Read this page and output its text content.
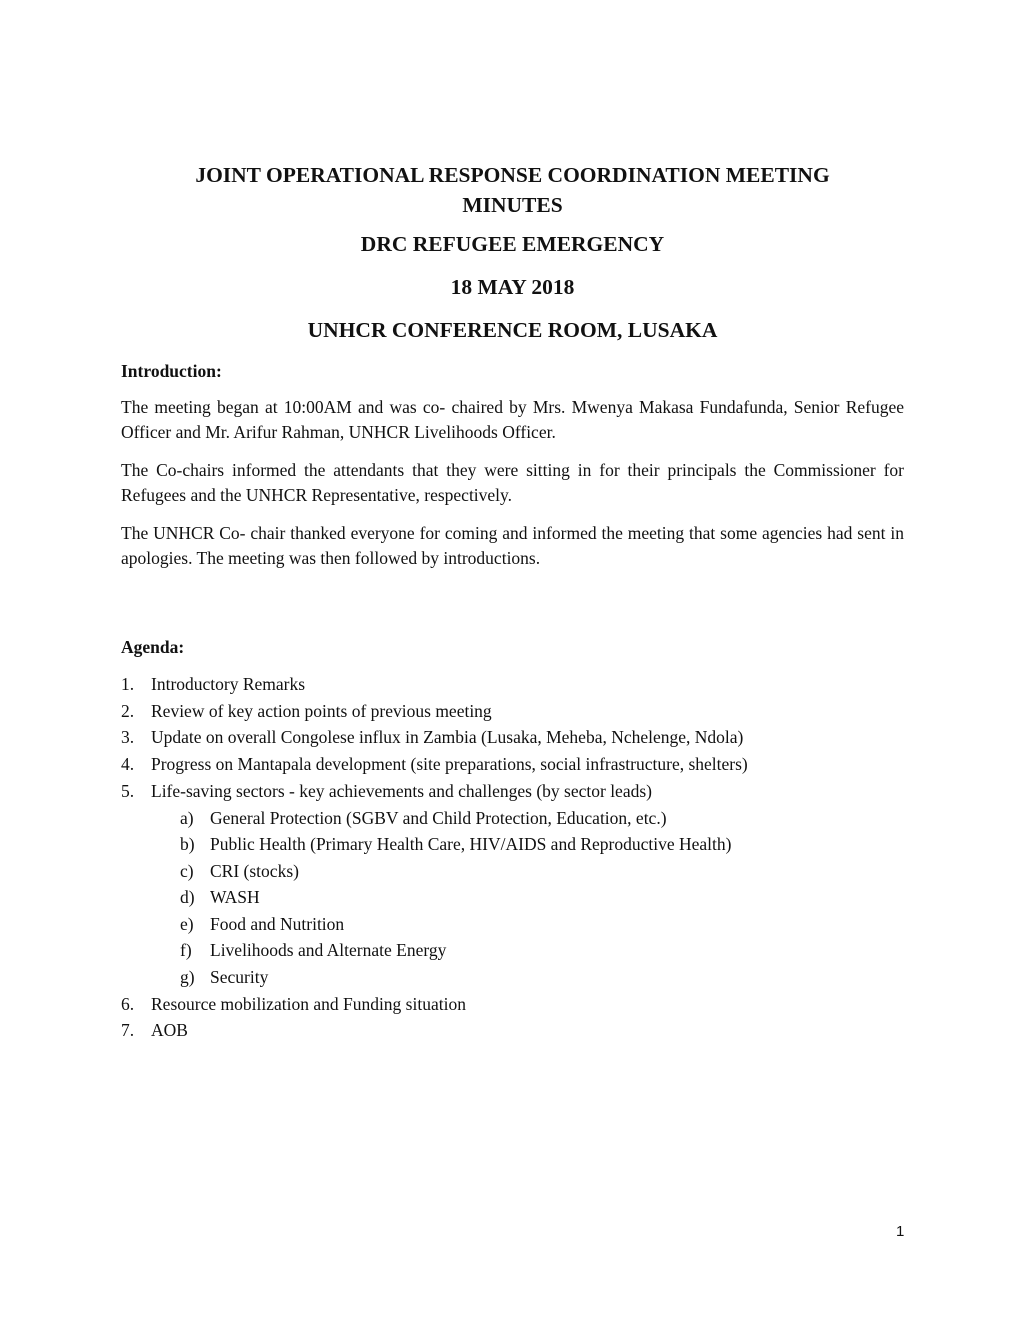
JOINT OPERATIONAL RESPONSE COORDINATION MEETING
MINUTES
DRC REFUGEE EMERGENCY
18 MAY 2018
UNHCR CONFERENCE ROOM, LUSAKA
Introduction:

The meeting began at 10:00AM and was co- chaired by Mrs. Mwenya Makasa Fundafunda, Senior Refugee Officer and Mr. Arifur Rahman, UNHCR Livelihoods Officer.

The Co-chairs informed the attendants that they were sitting in for their principals the Commissioner for Refugees and the UNHCR Representative, respectively.

The UNHCR Co- chair thanked everyone for coming and informed the meeting that some agencies had sent in apologies. The meeting was then followed by introductions.

Agenda:
1. Introductory Remarks
2. Review of key action points of previous meeting
3. Update on overall Congolese influx in Zambia (Lusaka, Meheba, Nchelenge, Ndola)
4. Progress on Mantapala development (site preparations, social infrastructure, shelters)
5. Life-saving sectors - key achievements and challenges (by sector leads)
a) General Protection (SGBV and Child Protection, Education, etc.)
b) Public Health (Primary Health Care, HIV/AIDS and Reproductive Health)
c) CRI (stocks)
d) WASH
e) Food and Nutrition
f)	Livelihoods and Alternate Energy
g) Security
6. Resource mobilization and Funding situation
7. AOB
1
